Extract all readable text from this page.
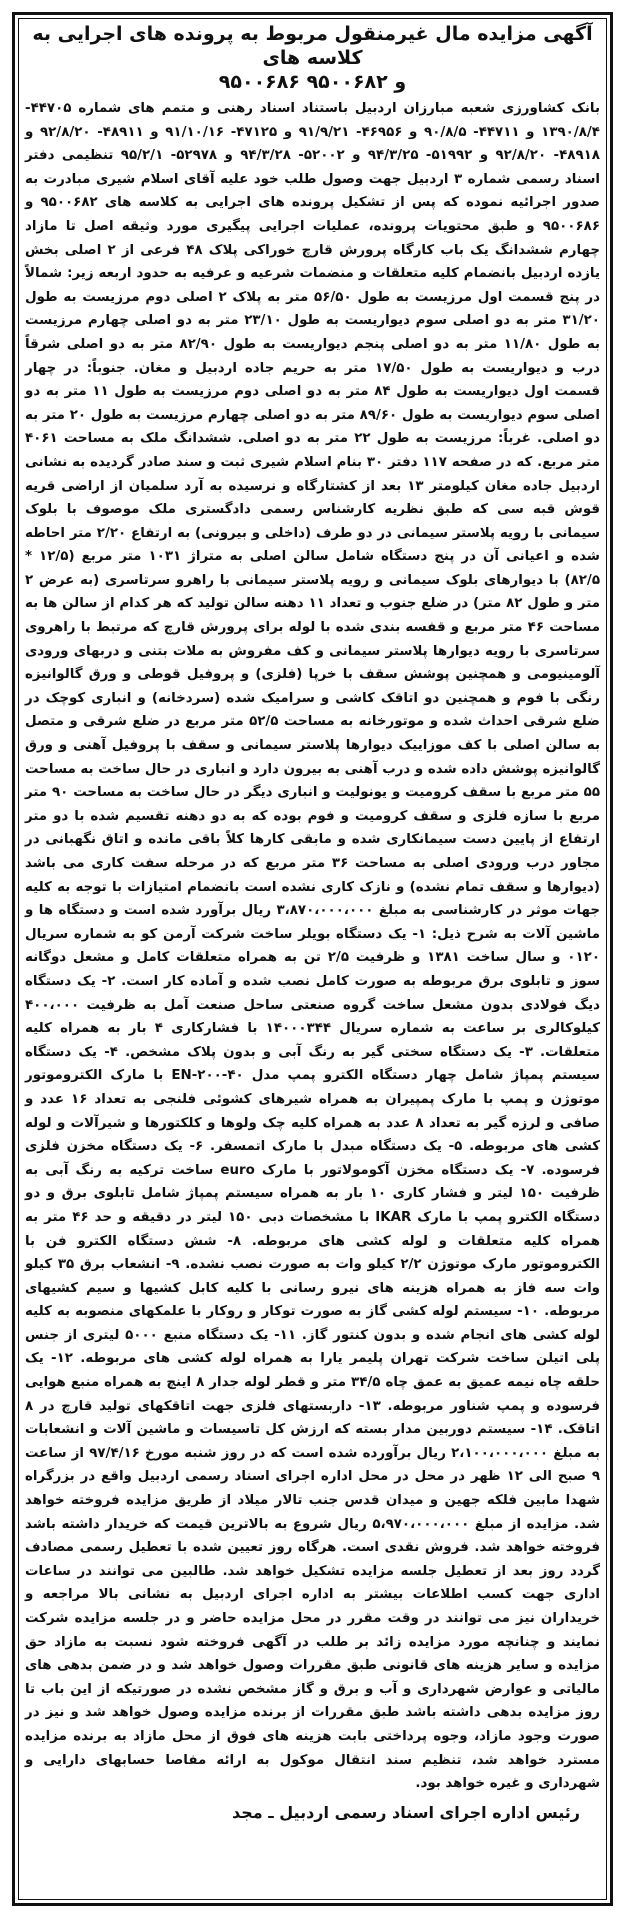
آگهی مزایده مال غیرمنقول مربوط به پرونده های اجرایی به کلاسه های
۹۵۰۰۶۸۶ و ۹۵۰۰۶۸۲

بانک کشاورزی شعبه مبارزان اردبیل باستناد اسناد رهنی و متمم های شماره ۴۴۷۰۵- ۱۳۹۰/۸/۴ و ۴۴۷۱۱- ۹۰/۸/۵ و ۴۶۹۵۶- ۹۱/۹/۲۱ و ۴۷۱۲۵- ۹۱/۱۰/۱۶ و ۴۸۹۱۱- ۹۲/۸/۲۰ و ۴۸۹۱۸- ۹۲/۸/۲۰ و ۵۱۹۹۲- ۹۴/۳/۲۵ و ۵۲۰۰۲- ۹۴/۳/۲۸ و ۵۲۹۷۸- ۹۵/۲/۱ تنظیمی دفتر اسناد رسمی شماره ۳ اردبیل جهت وصول طلب خود علیه آقای اسلام شیری مبادرت به صدور اجرائیه نموده که پس از تشکیل پرونده های اجرایی به کلاسه های ۹۵۰۰۶۸۲ و ۹۵۰۰۶۸۶ و طبق محتویات پرونده، عملیات اجرایی پیگیری مورد وثیقه اصل تا مازاد چهارم ششدانگ یک باب کارگاه پرورش قارچ خوراکی پلاک ۴۸ فرعی از ۲ اصلی بخش یازده اردبیل بانضمام کلیه متعلقات و منضمات شرعیه و عرفیه به حدود اربعه زیر: شمالاً در پنج قسمت اول مرزیست به طول ۵۶/۵۰ متر به پلاک ۲ اصلی دوم مرزیست به طول ۳۱/۲۰ متر به دو اصلی سوم دیواریست به طول ۲۳/۱۰ متر به دو اصلی چهارم مرزیست به طول ۱۱/۸۰ متر به دو اصلی پنجم دیواریست به طول ۸۲/۹۰ متر به دو اصلی شرقاً درب و دیواریست به طول ۱۷/۵۰ متر به حریم جاده اردبیل و مغان. جنوباً: در چهار قسمت اول دیواریست به طول ۸۴ متر به دو اصلی دوم مرزیست به طول ۱۱ متر به دو اصلی سوم دیواریست به طول ۸۹/۶۰ متر به دو اصلی چهارم مرزیست به طول ۲۰ متر به دو اصلی. غرباً: مرزیست به طول ۲۲ متر به دو اصلی. ششدانگ ملک به مساحت ۴۰۶۱ متر مربع. که در صفحه ۱۱۷ دفتر ۳۰ بنام اسلام شیری ثبت و سند صادر گردیده به نشانی اردبیل جاده مغان کیلومتر ۱۳ بعد از کشتارگاه و نرسیده به آرد سلمیان از اراضی قریه قوش قبه سی که طبق نظریه کارشناس رسمی دادگستری ملک موصوف با بلوک سیمانی با رویه پلاستر سیمانی در دو طرف (داخلی و بیرونی) به ارتفاع ۲/۲۰ متر احاطه شده و اعیانی آن در پنج دستگاه شامل سالن اصلی به متراژ ۱۰۳۱ متر مربع (۱۲/۵ * ۸۲/۵) با دیوارهای بلوک سیمانی و رویه پلاستر سیمانی با راهرو سرتاسری (به عرض ۲ متر و طول ۸۲ متر) در ضلع جنوب و تعداد ۱۱ دهنه سالن تولید که هر کدام از سالن ها به مساحت ۴۶ متر مربع و قفسه بندی شده با لوله برای پرورش قارچ که مرتبط با راهروی سرتاسری با رویه دیوارها پلاستر سیمانی و کف مفروش به ملات بتنی و دربهای ورودی آلومینیومی و همچنین پوشش سقف با خرپا (فلزی) و پروفیل قوطی و ورق گالوانیزه رنگی با فوم و همچنین دو اتاقک کاشی و سرامیک شده (سردخانه) و انباری کوچک در ضلع شرقی احداث شده و موتورخانه به مساحت ۵۲/۵ متر مربع در ضلع شرقی و متصل به سالن اصلی با کف موزاییک دیوارها پلاستر سیمانی و سقف با پروفیل آهنی و ورق گالوانیزه پوشش داده شده و درب آهنی به بیرون دارد و انباری در حال ساخت به مساحت ۵۵ متر مربع با سقف کرومیت و یونولیت و انباری دیگر در حال ساخت به مساحت ۹۰ متر مربع با سازه فلزی و سقف کرومیت و فوم بوده که به دو دهنه تقسیم شده با دو متر ارتفاع از پایین دست سیمانکاری شده و مابقی کارها کلاً باقی مانده و اتاق نگهبانی در مجاور درب ورودی اصلی به مساحت ۳۶ متر مربع که در مرحله سفت کاری می باشد (دیوارها و سقف تمام نشده) و نازک کاری نشده است بانضمام امتیازات با توجه به کلیه جهات موثر در کارشناسی به مبلغ ۳،۸۷۰،۰۰۰،۰۰۰ ریال برآورد شده است و دستگاه ها و ماشین آلات به شرح ذیل: ۱- یک دستگاه بویلر ساخت شرکت آرمن کو به شماره سریال ۰۱۲۰ و سال ساخت ۱۳۸۱ و ظرفیت ۲/۵ تن به همراه متعلقات کامل و مشعل دوگانه سوز و تابلوی برق مربوطه به صورت کامل نصب شده و آماده کار است. ۲- یک دستگاه دیگ فولادی بدون مشعل ساخت گروه صنعتی ساحل صنعت آمل به ظرفیت ۴۰۰،۰۰۰ کیلوکالری بر ساعت به شماره سریال ۱۴۰۰۰۳۴۴ با فشارکاری ۴ بار به همراه کلیه متعلقات. ۳- یک دستگاه سختی گیر به رنگ آبی و بدون پلاک مشخص. ۴- یک دستگاه سیستم پمپاژ شامل چهار دستگاه الکترو پمپ مدل EN-۲۰۰-۴۰ با مارک الکتروموتور موتوژن و پمپ با مارک پمپیران به همراه شیرهای کشوئی فلنجی به تعداد ۱۶ عدد و صافی و لرزه گیر به تعداد ۸ عدد به همراه کلیه چک ولوها و کلکتورها و شیرآلات و لوله کشی های مربوطه. ۵- یک دستگاه مبدل با مارک اتمسفر. ۶- یک دستگاه مخزن فلزی فرسوده. ۷- یک دستگاه مخزن آکومولاتور با مارک euro ساخت ترکیه به رنگ آبی به ظرفیت ۱۵۰ لیتر و فشار کاری ۱۰ بار به همراه سیستم پمپاژ شامل تابلوی برق و دو دستگاه الکترو پمپ با مارک IKAR با مشخصات دبی ۱۵۰ لیتر در دقیقه و حد ۴۶ متر به همراه کلیه متعلقات و لوله کشی های مربوطه. ۸- شش دستگاه الکترو فن با الکتروموتور مارک موتوژن ۲/۲ کیلو وات به صورت نصب نشده. ۹- انشعاب برق ۳۵ کیلو وات سه فاز به همراه هزینه های نیرو رسانی با کلیه کابل کشیها و سیم کشیهای مربوطه. ۱۰- سیستم لوله کشی گاز به صورت توکار و روکار با علمکهای منصوبه به کلیه لوله کشی های انجام شده و بدون کنتور گاز. ۱۱- یک دستگاه منبع ۵۰۰۰ لیتری از جنس پلی اتیلن ساخت شرکت تهران پلیمر یارا به همراه لوله کشی های مربوطه. ۱۲- یک حلقه چاه نیمه عمیق به عمق چاه ۳۴/۵ متر و قطر لوله جدار ۸ اینچ به همراه منبع هوایی فرسوده و پمپ شناور مربوطه. ۱۳- داربستهای فلزی جهت اتاقکهای تولید قارچ در ۸ اتاقک. ۱۴- سیستم دوربین مدار بسته که ارزش کل تاسیسات و ماشین آلات و انشعابات به مبلغ ۲،۱۰۰،۰۰۰،۰۰۰ ریال برآورده شده است که در روز شنبه مورخ ۹۷/۴/۱۶ از ساعت ۹ صبح الی ۱۲ ظهر در محل در محل اداره اجرای اسناد رسمی اردبیل واقع در بزرگراه شهدا مابین فلکه جهین و میدان قدس جنب تالار میلاد از طریق مزایده فروخته خواهد شد. مزایده از مبلغ ۵،۹۷۰،۰۰۰،۰۰۰ ریال شروع به بالاترین قیمت که خریدار داشته باشد فروخته خواهد شد. فروش نقدی است. هرگاه روز تعیین شده با تعطیل رسمی مصادف گردد روز بعد از تعطیل جلسه مزایده تشکیل خواهد شد. طالبین می توانند در ساعات اداری جهت کسب اطلاعات بیشتر به اداره اجرای اردبیل به نشانی بالا مراجعه و خریداران نیز می توانند در وقت مقرر در محل مزایده حاضر و در جلسه مزایده شرکت نمایند و چنانچه مورد مزایده زائد بر طلب در آگهی فروخته شود نسبت به مازاد حق مزایده و سایر هزینه های قانونی طبق مقررات وصول خواهد شد و در ضمن بدهی های مالیاتی و عوارض شهرداری و آب و برق و گاز مشخص نشده در صورتیکه از این باب تا روز مزایده بدهی داشته باشد طبق مقررات از برنده مزایده وصول خواهد شد و نیز در صورت وجود مازاد، وجوه پرداختی بابت هزینه های فوق از محل مازاد به برنده مزایده مسترد خواهد شد، تنظیم سند انتقال موکول به ارائه مفاصا حسابهای دارایی و شهرداری و غیره خواهد بود.

رئیس اداره اجرای اسناد رسمی اردبیل ـ مجد
